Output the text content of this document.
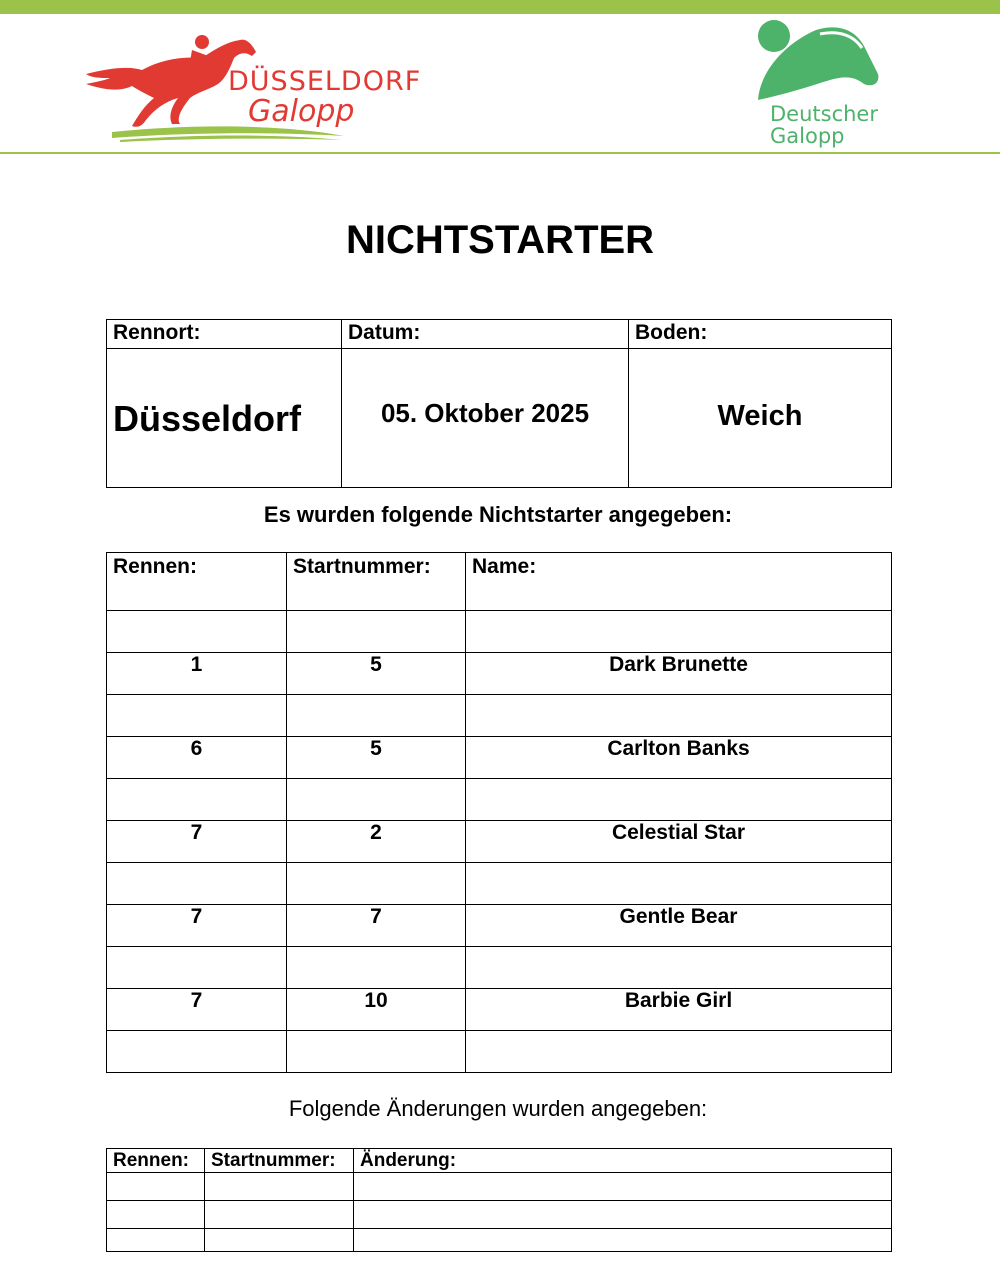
DÜSSELDORF
Galopp	Deutscher
Galopp
NICHTSTARTER
Rennort:	Datum:	Boden:
Düsseldorf	05. Oktober 2025	Weich
Es wurden folgende Nichtstarter angegeben:
Rennen:	Startnummer:	Name:

1	5	Dark Brunette

6	5	Carlton Banks

7	2	Celestial Star

7	7	Gentle Bear

7	10	Barbie Girl

Folgende Änderungen wurden angegeben:
Rennen:	Startnummer:	Änderung:
